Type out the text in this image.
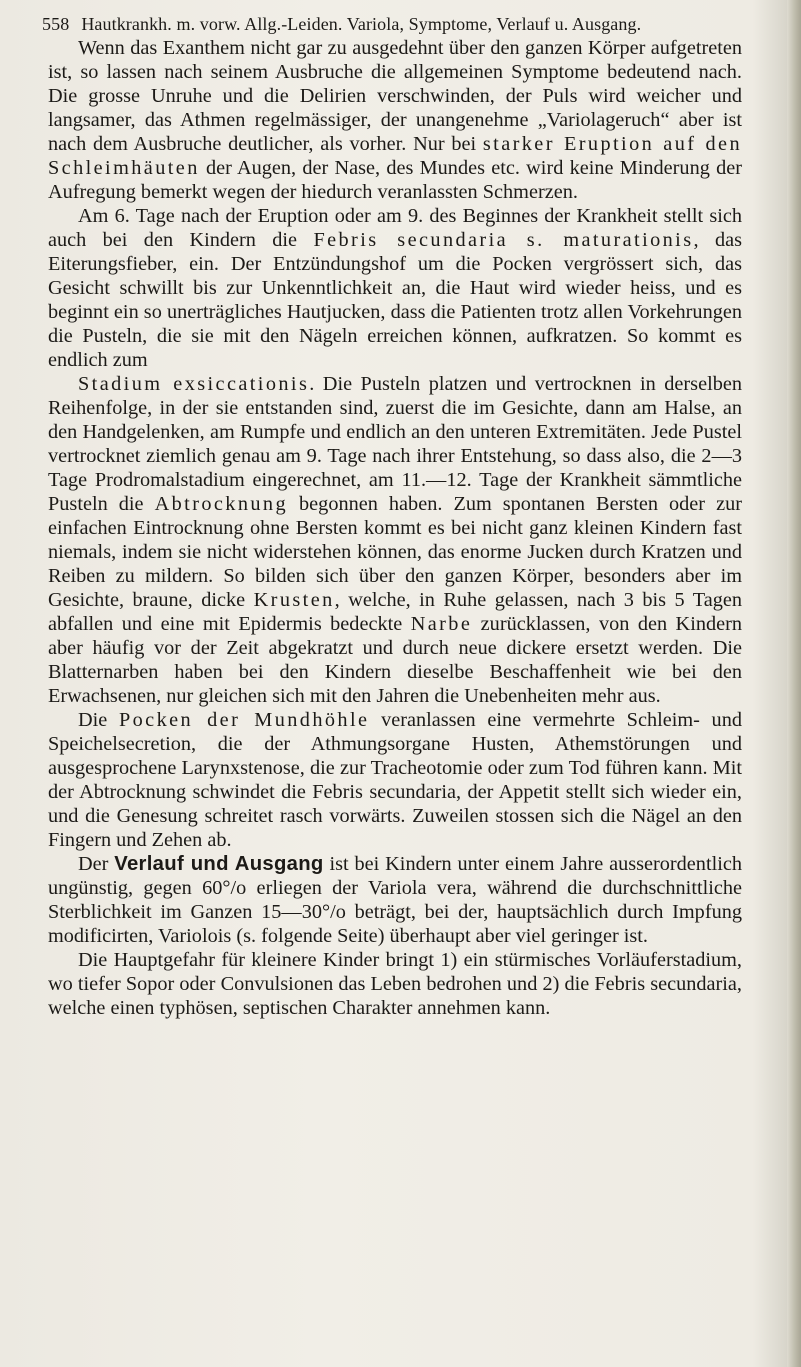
558 Hautkrankh. m. vorw. Allg.-Leiden. Variola, Symptome, Verlauf u. Ausgang.

Wenn das Exanthem nicht gar zu ausgedehnt über den ganzen Körper aufgetreten ist, so lassen nach seinem Ausbruche die allgemeinen Symptome bedeutend nach. Die grosse Unruhe und die Delirien verschwinden, der Puls wird weicher und langsamer, das Athmen regelmässiger, der unangenehme „Variolageruch“ aber ist nach dem Ausbruche deutlicher, als vorher. Nur bei starker Eruption auf den Schleimhäuten der Augen, der Nase, des Mundes etc. wird keine Minderung der Aufregung bemerkt wegen der hiedurch veranlassten Schmerzen.

Am 6. Tage nach der Eruption oder am 9. des Beginnes der Krankheit stellt sich auch bei den Kindern die Febris secundaria s. maturationis, das Eiterungsfieber, ein. Der Entzündungshof um die Pocken vergrössert sich, das Gesicht schwillt bis zur Unkenntlichkeit an, die Haut wird wieder heiss, und es beginnt ein so unerträgliches Hautjucken, dass die Patienten trotz allen Vorkehrungen die Pusteln, die sie mit den Nägeln erreichen können, aufkratzen. So kommt es endlich zum

Stadium exsiccationis. Die Pusteln platzen und vertrocknen in derselben Reihenfolge, in der sie entstanden sind, zuerst die im Gesichte, dann am Halse, an den Handgelenken, am Rumpfe und endlich an den unteren Extremitäten. Jede Pustel vertrocknet ziemlich genau am 9. Tage nach ihrer Entstehung, so dass also, die 2—3 Tage Prodromalstadium eingerechnet, am 11.—12. Tage der Krankheit sämmtliche Pusteln die Abtrocknung begonnen haben. Zum spontanen Bersten oder zur einfachen Eintrocknung ohne Bersten kommt es bei nicht ganz kleinen Kindern fast niemals, indem sie nicht widerstehen können, das enorme Jucken durch Kratzen und Reiben zu mildern. So bilden sich über den ganzen Körper, besonders aber im Gesichte, braune, dicke Krusten, welche, in Ruhe gelassen, nach 3 bis 5 Tagen abfallen und eine mit Epidermis bedeckte Narbe zurücklassen, von den Kindern aber häufig vor der Zeit abgekratzt und durch neue dickere ersetzt werden. Die Blatternarben haben bei den Kindern dieselbe Beschaffenheit wie bei den Erwachsenen, nur gleichen sich mit den Jahren die Unebenheiten mehr aus.

Die Pocken der Mundhöhle veranlassen eine vermehrte Schleim- und Speichelsecretion, die der Athmungsorgane Husten, Athemstörungen und ausgesprochene Larynxstenose, die zur Tracheotomie oder zum Tod führen kann. Mit der Abtrocknung schwindet die Febris secundaria, der Appetit stellt sich wieder ein, und die Genesung schreitet rasch vorwärts. Zuweilen stossen sich die Nägel an den Fingern und Zehen ab.

Der Verlauf und Ausgang ist bei Kindern unter einem Jahre ausserordentlich ungünstig, gegen 60°/o erliegen der Variola vera, während die durchschnittliche Sterblichkeit im Ganzen 15—30°/o beträgt, bei der, hauptsächlich durch Impfung modificirten, Variolois (s. folgende Seite) überhaupt aber viel geringer ist.

Die Hauptgefahr für kleinere Kinder bringt 1) ein stürmisches Vorläuferstadium, wo tiefer Sopor oder Convulsionen das Leben bedrohen und 2) die Febris secundaria, welche einen typhösen, septischen Charakter annehmen kann.
